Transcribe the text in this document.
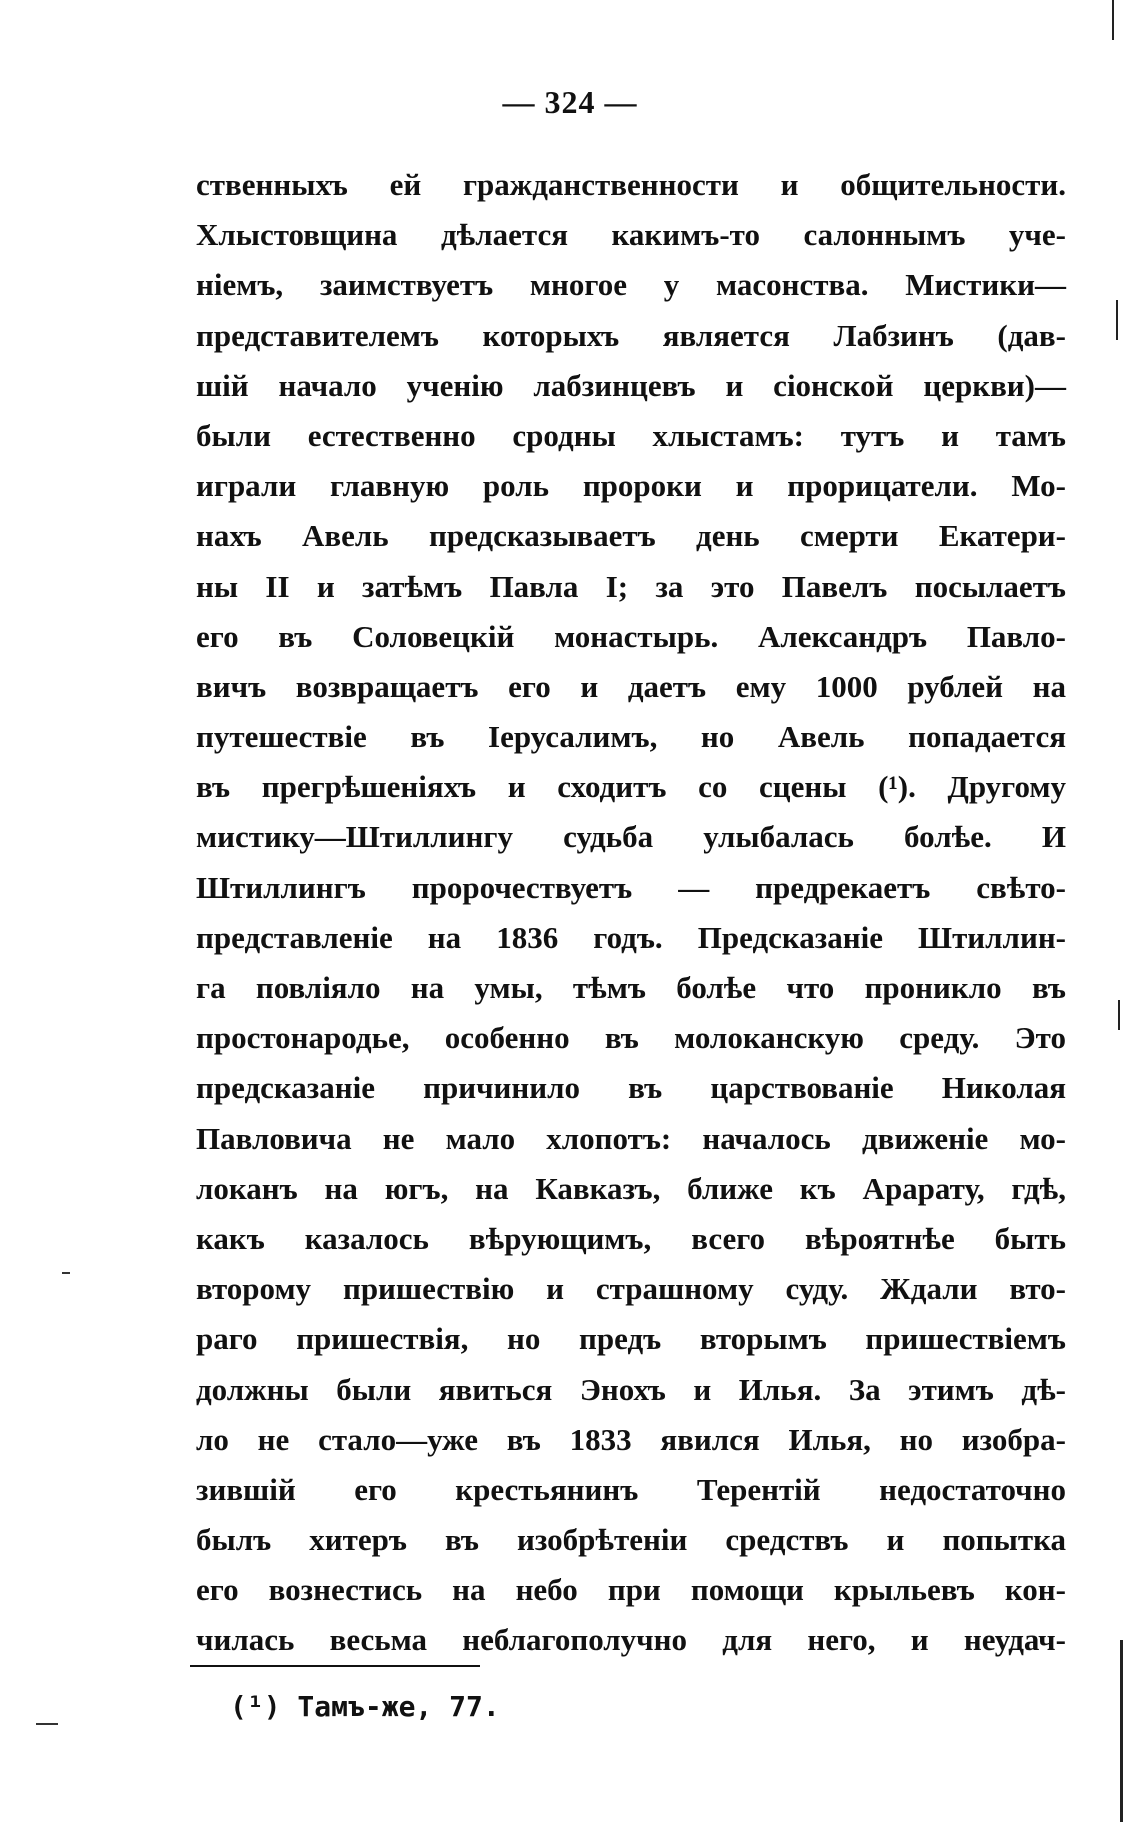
— 324 —
ственныхъ ей гражданственности и общительности.
Хлыстовщина дѣлается какимъ-то салоннымъ уче-
ніемъ, заимствуетъ многое у масонства. Мистики—
представителемъ которыхъ является Лабзинъ (дав-
шій начало ученію лабзинцевъ и сіонской церкви)—
были естественно сродны хлыстамъ: тутъ и тамъ
играли главную роль пророки и прорицатели. Мо-
нахъ Авель предсказываетъ день смерти Екатери-
ны II и затѣмъ Павла I; за это Павелъ посылаетъ
его въ Соловецкій монастырь. Александръ Павло-
вичъ возвращаетъ его и даетъ ему 1000 рублей на
путешествіе въ Іерусалимъ, но Авель попадается
въ прегрѣшеніяхъ и сходитъ со сцены (¹). Другому
мистику—Штиллингу судьба улыбалась болѣе. И
Штиллингъ пророчествуетъ — предрекаетъ свѣто-
представленіе на 1836 годъ. Предсказаніе Штиллин-
га повліяло на умы, тѣмъ болѣе что проникло въ
простонародье, особенно въ молоканскую среду. Это
предсказаніе причинило въ царствованіе Николая
Павловича не мало хлопотъ: началось движеніе мо-
локанъ на югъ, на Кавказъ, ближе къ Арарату, гдѣ,
какъ казалось вѣрующимъ, всего вѣроятнѣе быть
второму пришествію и страшному суду. Ждали вто-
раго пришествія, но предъ вторымъ пришествіемъ
должны были явиться Энохъ и Илья. За этимъ дѣ-
ло не стало—уже въ 1833 явился Илья, но изобра-
зившій его крестьянинъ Терентій недостаточно
былъ хитеръ въ изобрѣтеніи средствъ и попытка
его вознестись на небо при помощи крыльевъ кон-
чилась весьма неблагополучно для него, и неудач-
(¹) Тамъ-же, 77.
